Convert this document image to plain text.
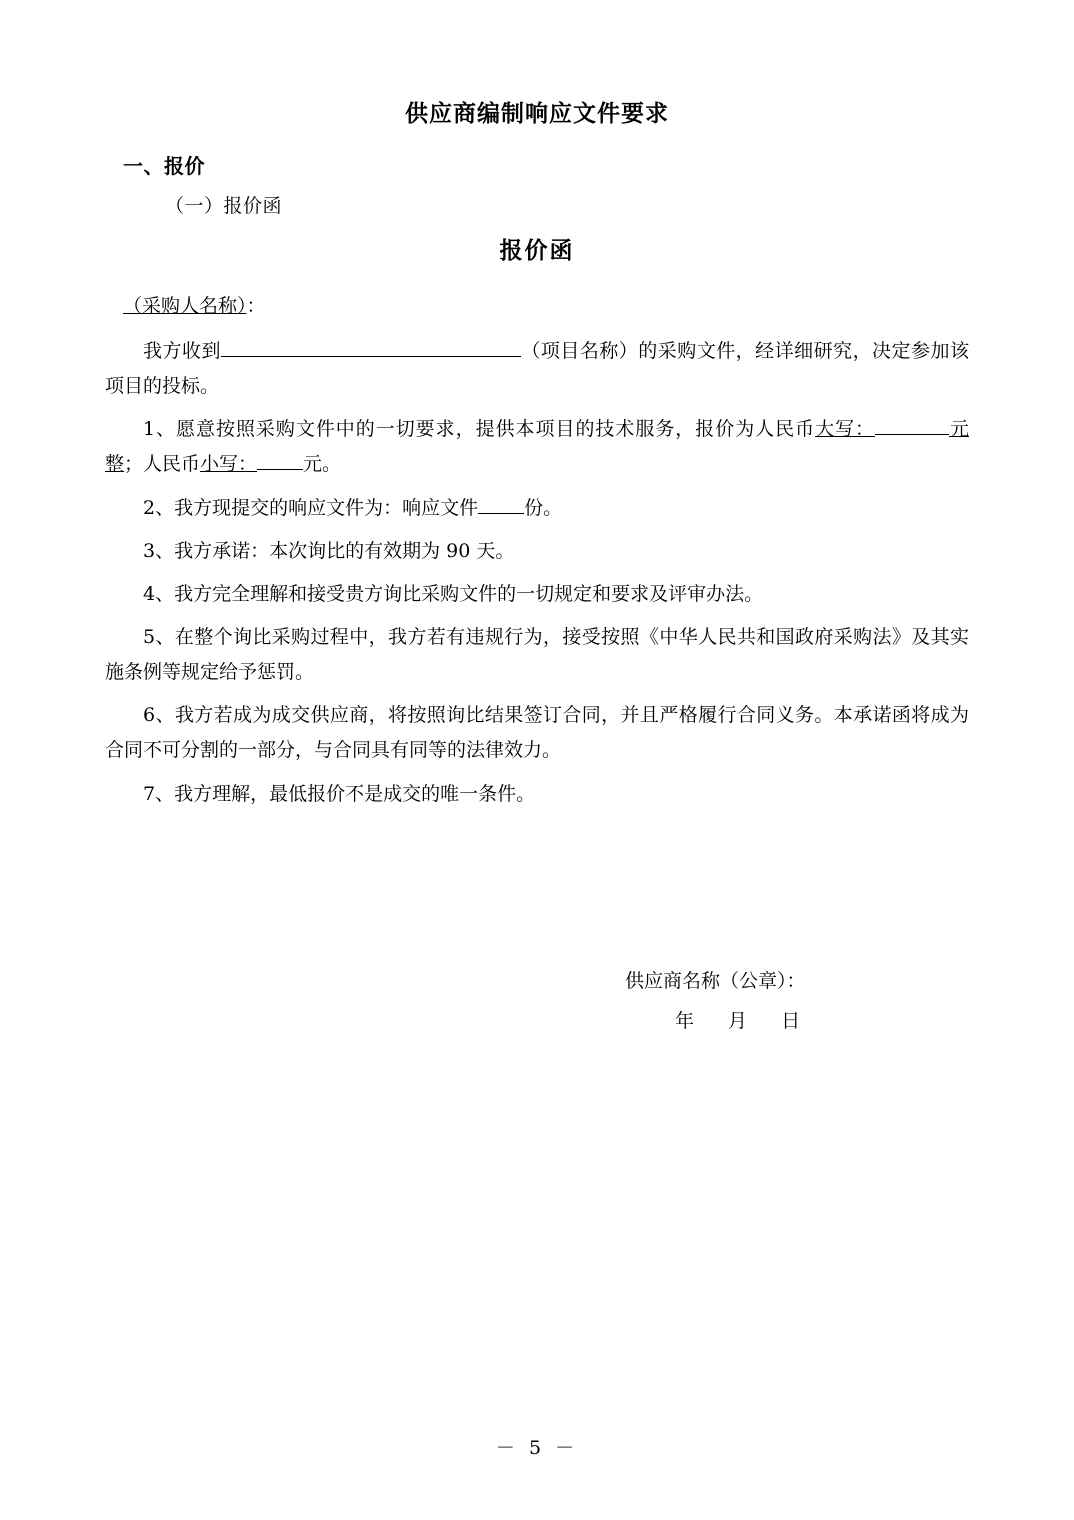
供应商编制响应文件要求
一、报价
（一）报价函
报价函
（采购人名称）：

我方收到	（项目名称）的采购文件，经详细研究，决定参加该项目的投标。

1、愿意按照采购文件中的一切要求，提供本项目的技术服务，报价为人民币大写：	元整；人民币小写： 元。

2、我方现提交的响应文件为：响应文件 份。

3、我方承诺：本次询比的有效期为 90 天。

4、我方完全理解和接受贵方询比采购文件的一切规定和要求及评审办法。

5、在整个询比采购过程中，我方若有违规行为，接受按照《中华人民共和国政府采购法》及其实施条例等规定给予惩罚。

6、我方若成为成交供应商，将按照询比结果签订合同，并且严格履行合同义务。本承诺函将成为合同不可分割的一部分，与合同具有同等的法律效力。

7、我方理解，最低报价不是成交的唯一条件。

供应商名称（公章）：
年 月 日
－ 5 －
